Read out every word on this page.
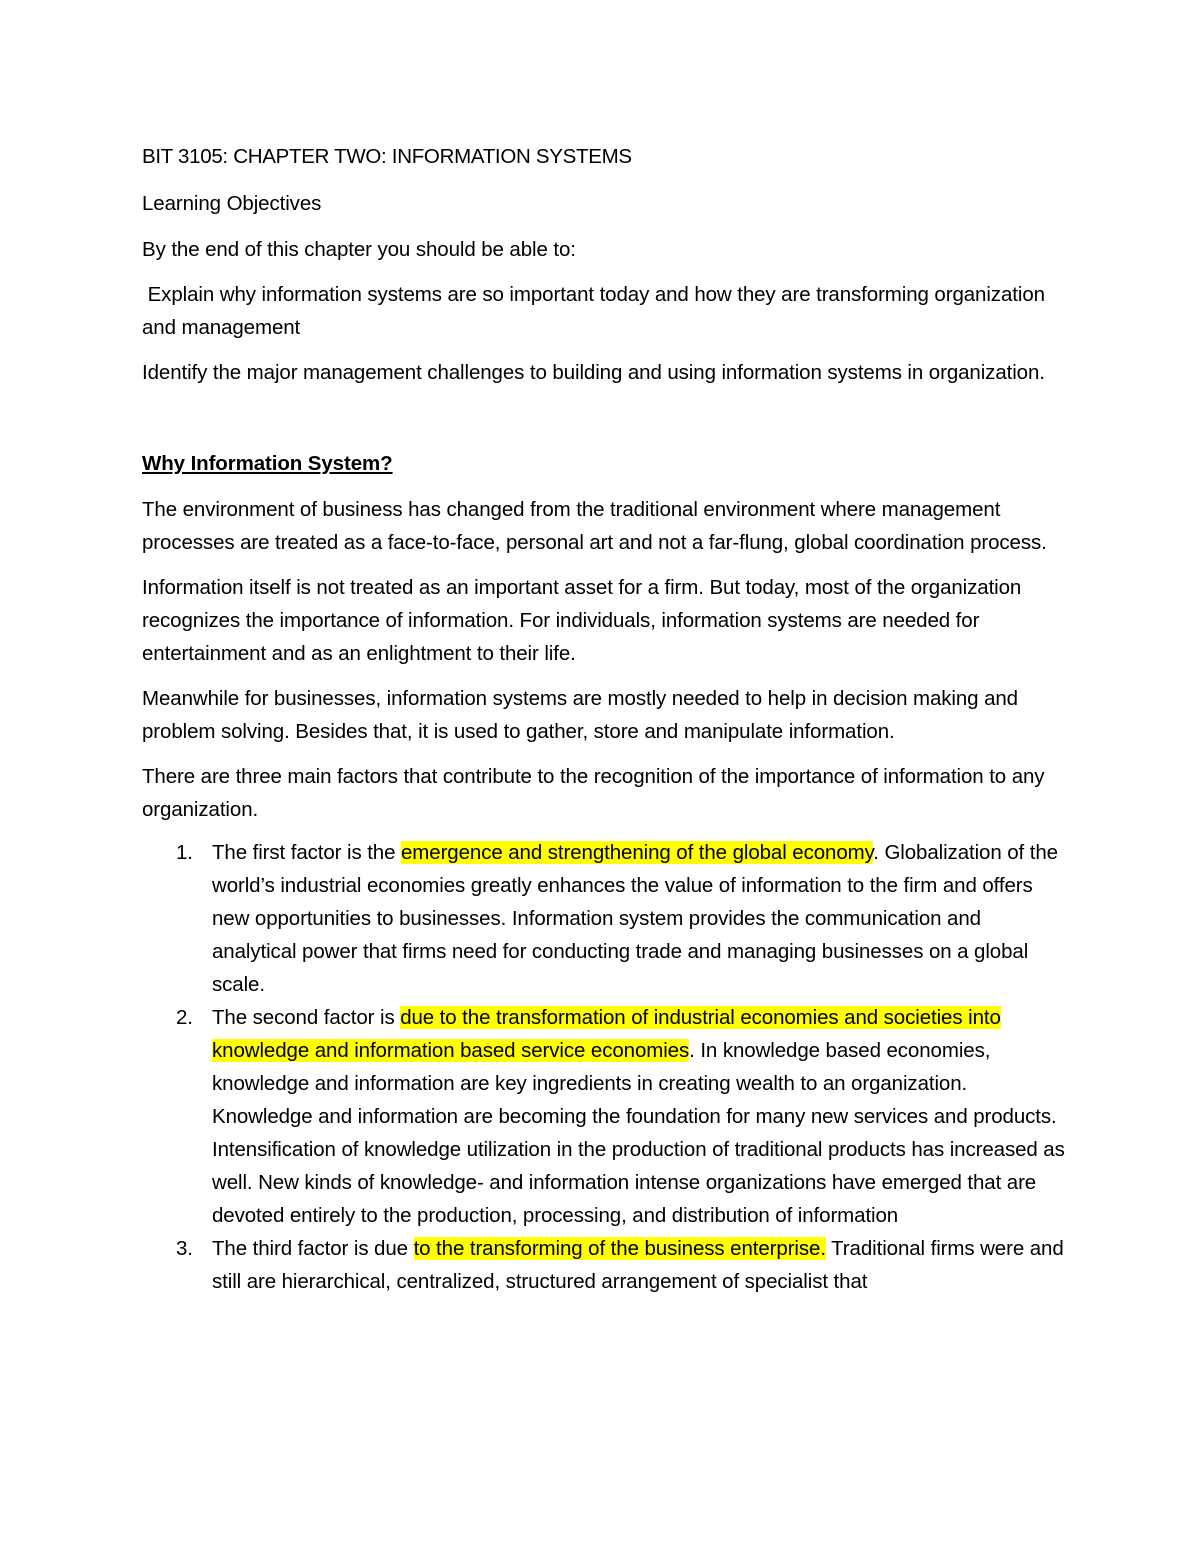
BIT 3105: CHAPTER TWO: INFORMATION SYSTEMS
Learning Objectives

By the end of this chapter you should be able to:

Explain why information systems are so important today and how they are transforming organization and management

Identify the major management challenges to building and using information systems in organization.

Why Information System?

The environment of business has changed from the traditional environment where management processes are treated as a face-to-face, personal art and not a far-flung, global coordination process.

Information itself is not treated as an important asset for a firm. But today, most of the organization recognizes the importance of information. For individuals, information systems are needed for entertainment and as an enlightment to their life.

Meanwhile for businesses, information systems are mostly needed to help in decision making and problem solving. Besides that, it is used to gather, store and manipulate information.

There are three main factors that contribute to the recognition of the importance of information to any organization.

1. The first factor is the emergence and strengthening of the global economy. Globalization of the world’s industrial economies greatly enhances the value of information to the firm and offers new opportunities to businesses. Information system provides the communication and analytical power that firms need for conducting trade and managing businesses on a global scale.
2. The second factor is due to the transformation of industrial economies and societies into knowledge and information based service economies. In knowledge based economies, knowledge and information are key ingredients in creating wealth to an organization. Knowledge and information are becoming the foundation for many new services and products. Intensification of knowledge utilization in the production of traditional products has increased as well. New kinds of knowledge- and information intense organizations have emerged that are devoted entirely to the production, processing, and distribution of information
3. The third factor is due to the transforming of the business enterprise. Traditional firms were and still are hierarchical, centralized, structured arrangement of specialist that
